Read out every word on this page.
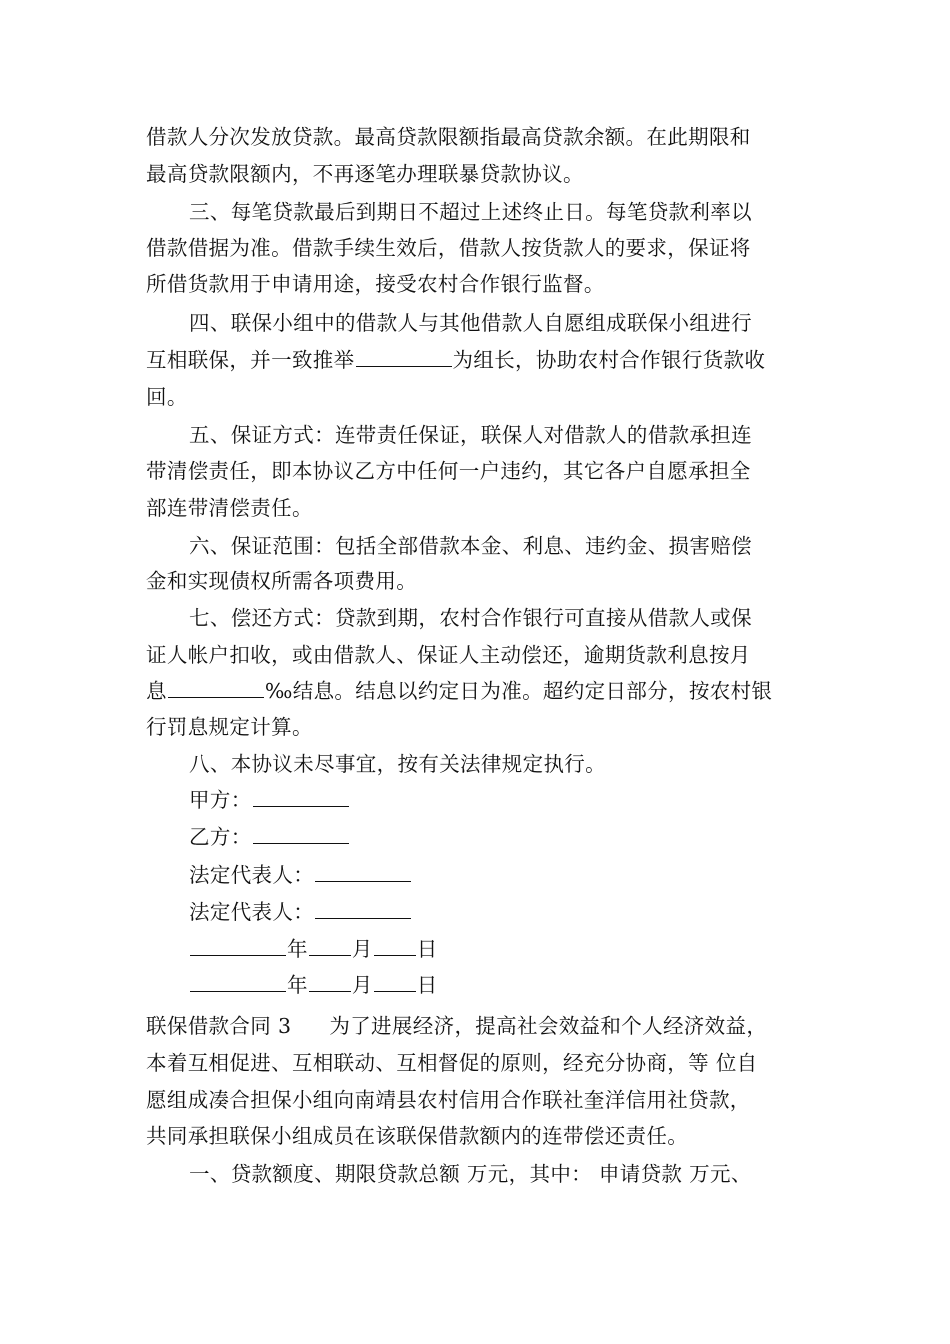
借款人分次发放贷款。最高贷款限额指最高贷款余额。在此期限和
最高贷款限额内，不再逐笔办理联暴贷款协议。
三、每笔贷款最后到期日不超过上述终止日。每笔贷款利率以
借款借据为准。借款手续生效后，借款人按货款人的要求，保证将
所借货款用于申请用途，接受农村合作银行监督。
四、联保小组中的借款人与其他借款人自愿组成联保小组进行
互相联保，并一致推举	为组长，协助农村合作银行货款收
回。
五、保证方式：连带责任保证，联保人对借款人的借款承担连
带清偿责任，即本协议乙方中任何一户违约，其它各户自愿承担全
部连带清偿责任。
六、保证范围：包括全部借款本金、利息、违约金、损害赔偿
金和实现债权所需各项费用。
七、偿还方式：贷款到期，农村合作银行可直接从借款人或保
证人帐户扣收，或由借款人、保证人主动偿还，逾期货款利息按月
息	‰结息。结息以约定日为准。超约定日部分，按农村银
行罚息规定计算。
八、本协议未尽事宜，按有关法律规定执行。
甲方：
乙方：
法定代表人：
法定代表人：
年 月 日
年 月 日
联保借款合同 3 为了进展经济，提高社会效益和个人经济效益，
本着互相促进、互相联动、互相督促的原则，经充分协商，等 位自
愿组成凑合担保小组向南靖县农村信用合作联社奎洋信用社贷款，
共同承担联保小组成员在该联保借款额内的连带偿还责任。
一、贷款额度、期限贷款总额 万元，其中： 申请贷款 万元、
